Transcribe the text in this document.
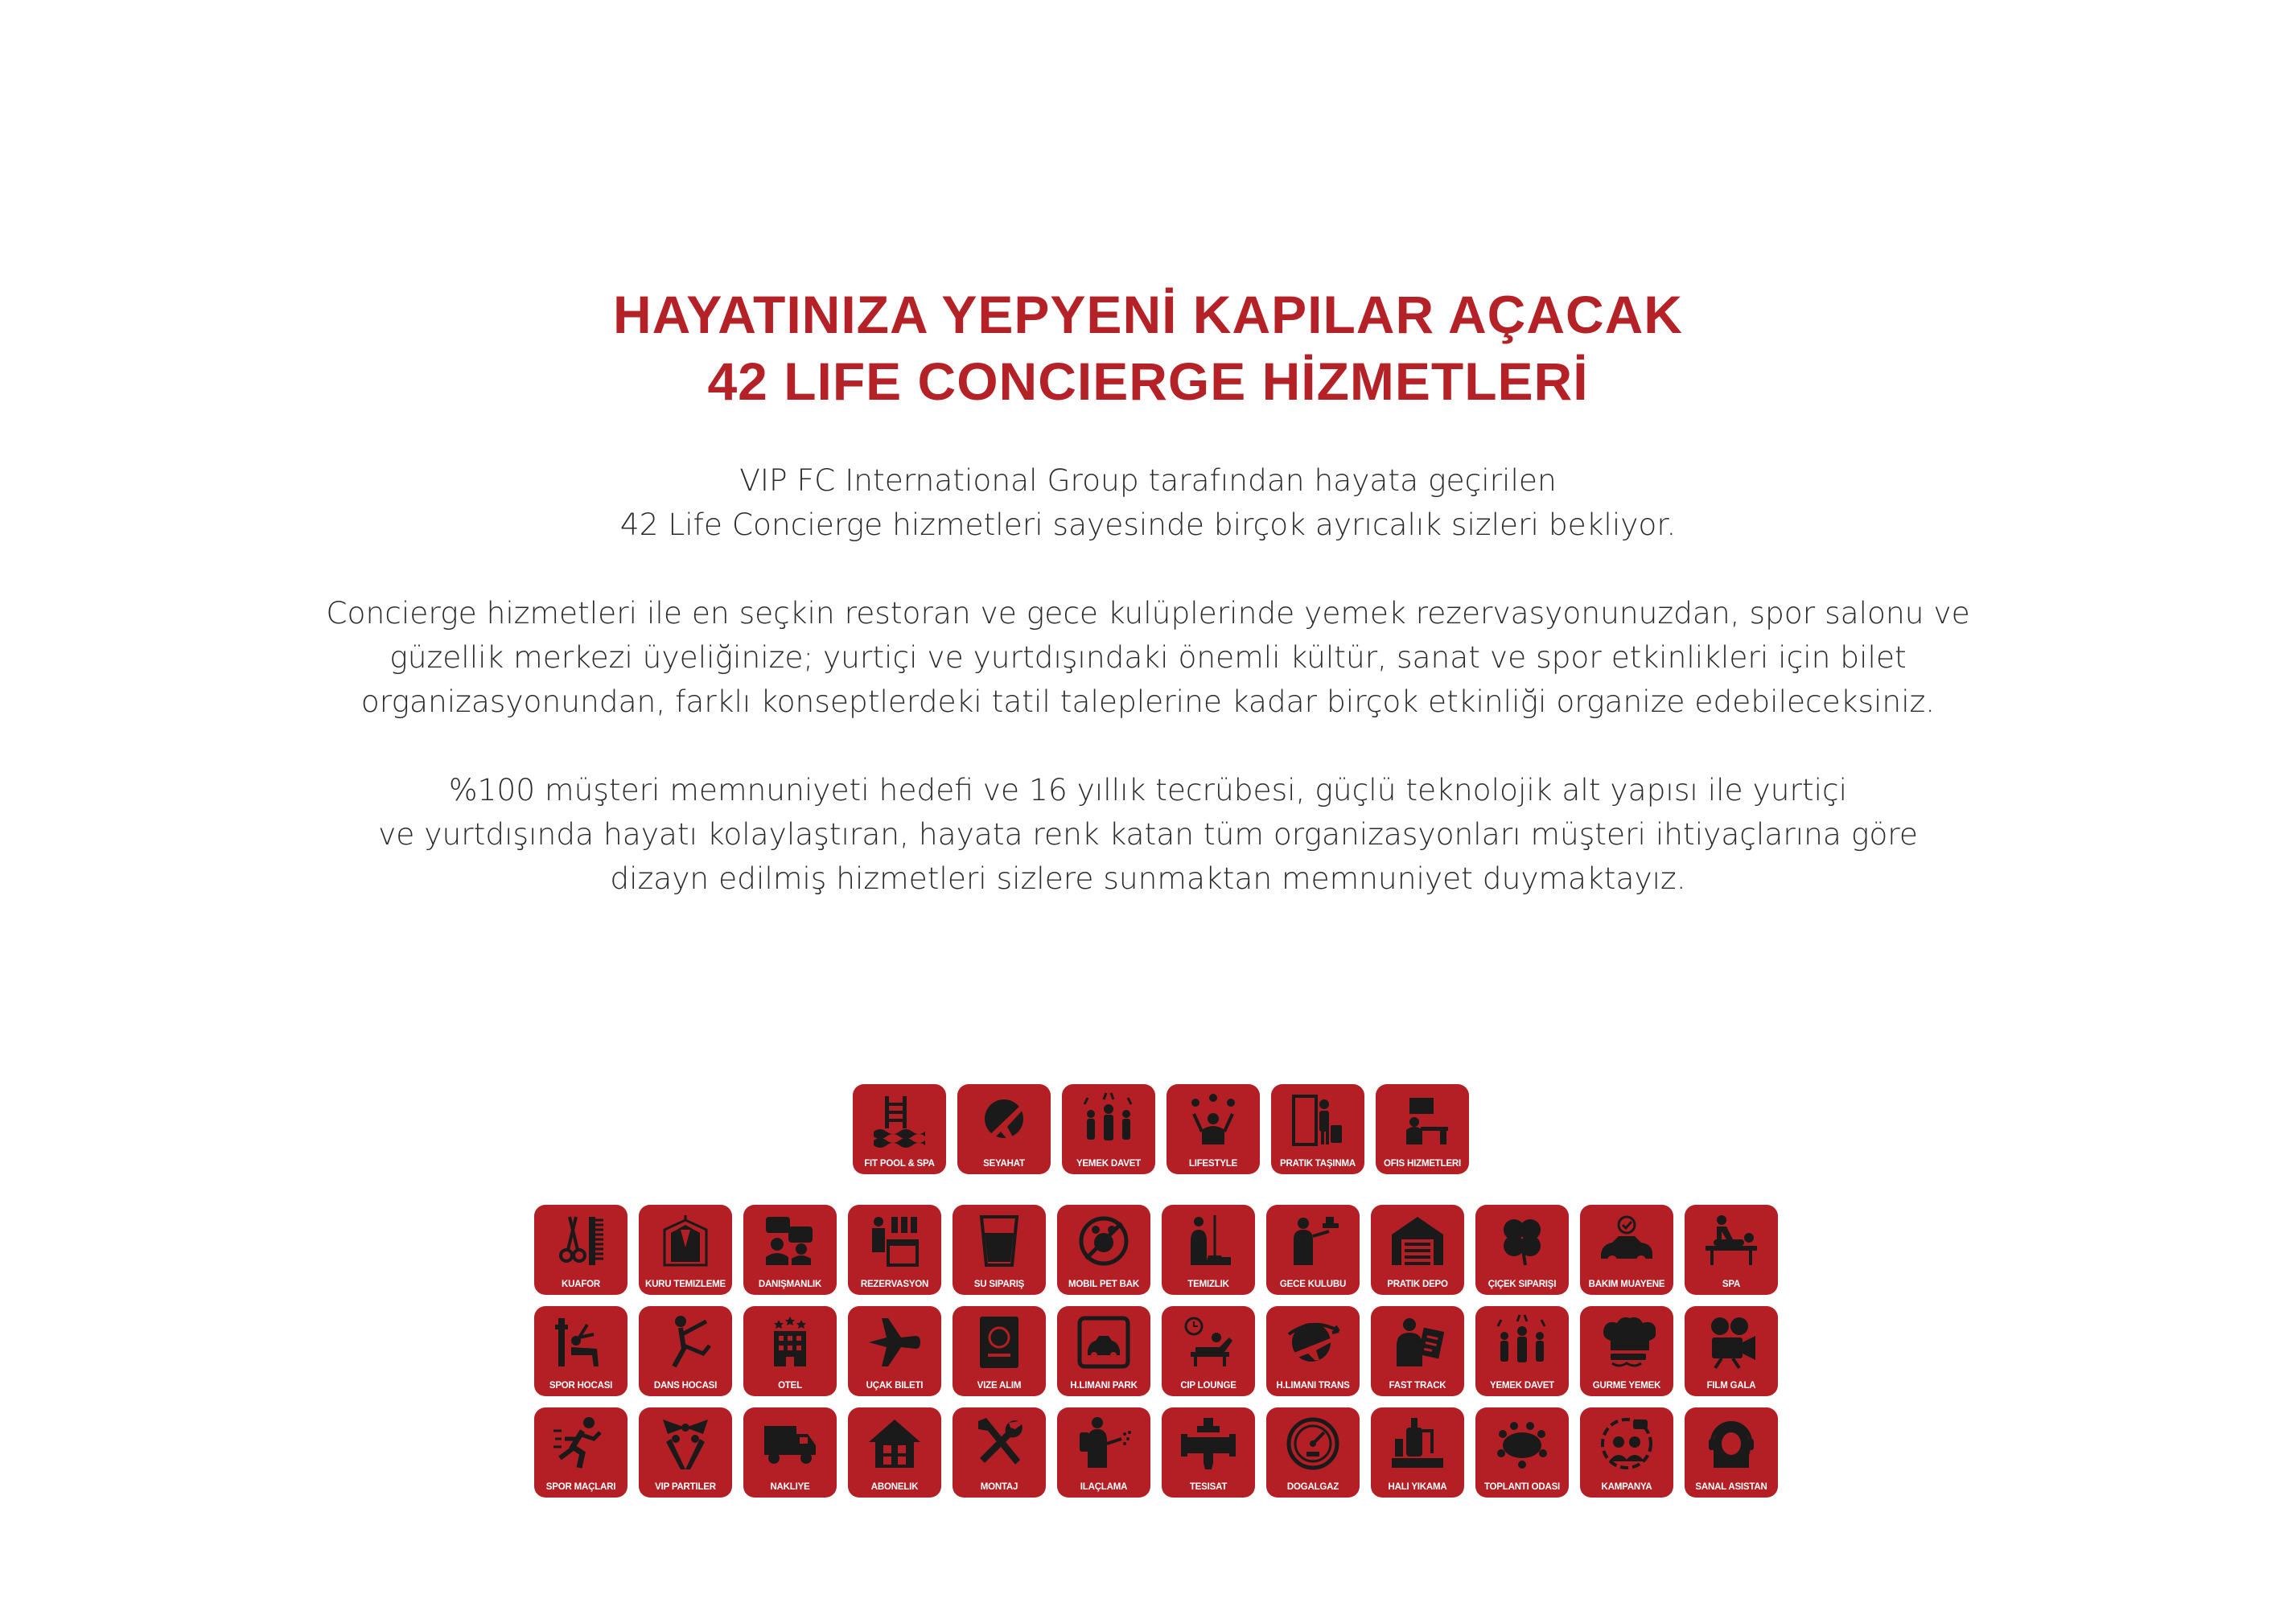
HAYATINIZA YEPYENİ KAPILAR AÇACAK
42 LIFE CONCIERGE HİZMETLERİ

VIP FC International Group tarafından hayata geçirilen
42 Life Concierge hizmetleri sayesinde birçok ayrıcalık sizleri bekliyor.

Concierge hizmetleri ile en seçkin restoran ve gece kulüplerinde yemek rezervasyonunuzdan, spor salonu ve
güzellik merkezi üyeliğinize; yurtiçi ve yurtdışındaki önemli kültür, sanat ve spor etkinlikleri için bilet
organizasyonundan, farklı konseptlerdeki tatil taleplerine kadar birçok etkinliği organize edebileceksiniz.

%100 müşteri memnuniyeti hedefi ve 16 yıllık tecrübesi, güçlü teknolojik alt yapısı ile yurtiçi
ve yurtdışında hayatı kolaylaştıran, hayata renk katan tüm organizasyonları müşteri ihtiyaçlarına göre
dizayn edilmiş hizmetleri sizlere sunmaktan memnuniyet duymaktayız.

FIT POOL & SPA	SEYAHAT	YEMEK DAVET	LIFESTYLE	PRATİK TAŞINMA	OFİS HİZMETLERİ
KUAFÖR	KURU TEMİZLEME	DANIŞMANLIK	REZERVASYON	SU SİPARİŞ	MOBİL PET BAK	TEMİZLİK	GECE KULÜBÜ	PRATİK DEPO	ÇİÇEK SİPARİŞİ	BAKIM MUAYENE	SPA
SPOR HOCASI	DANS HOCASI	OTEL	UÇAK BİLETİ	VİZE ALIM	H.LİMANI PARK	CIP LOUNGE	H.LİMANI TRANS	FAST TRACK	YEMEK DAVET	GURME YEMEK	FİLM GALA
SPOR MAÇLARI	VIP PARTİLER	NAKLİYE	ABONELİK	MONTAJ	İLAÇLAMA	TESİSAT	DOĞALGAZ	HALI YIKAMA	TOPLANTI ODASI	KAMPANYA	SANAL ASİSTAN
